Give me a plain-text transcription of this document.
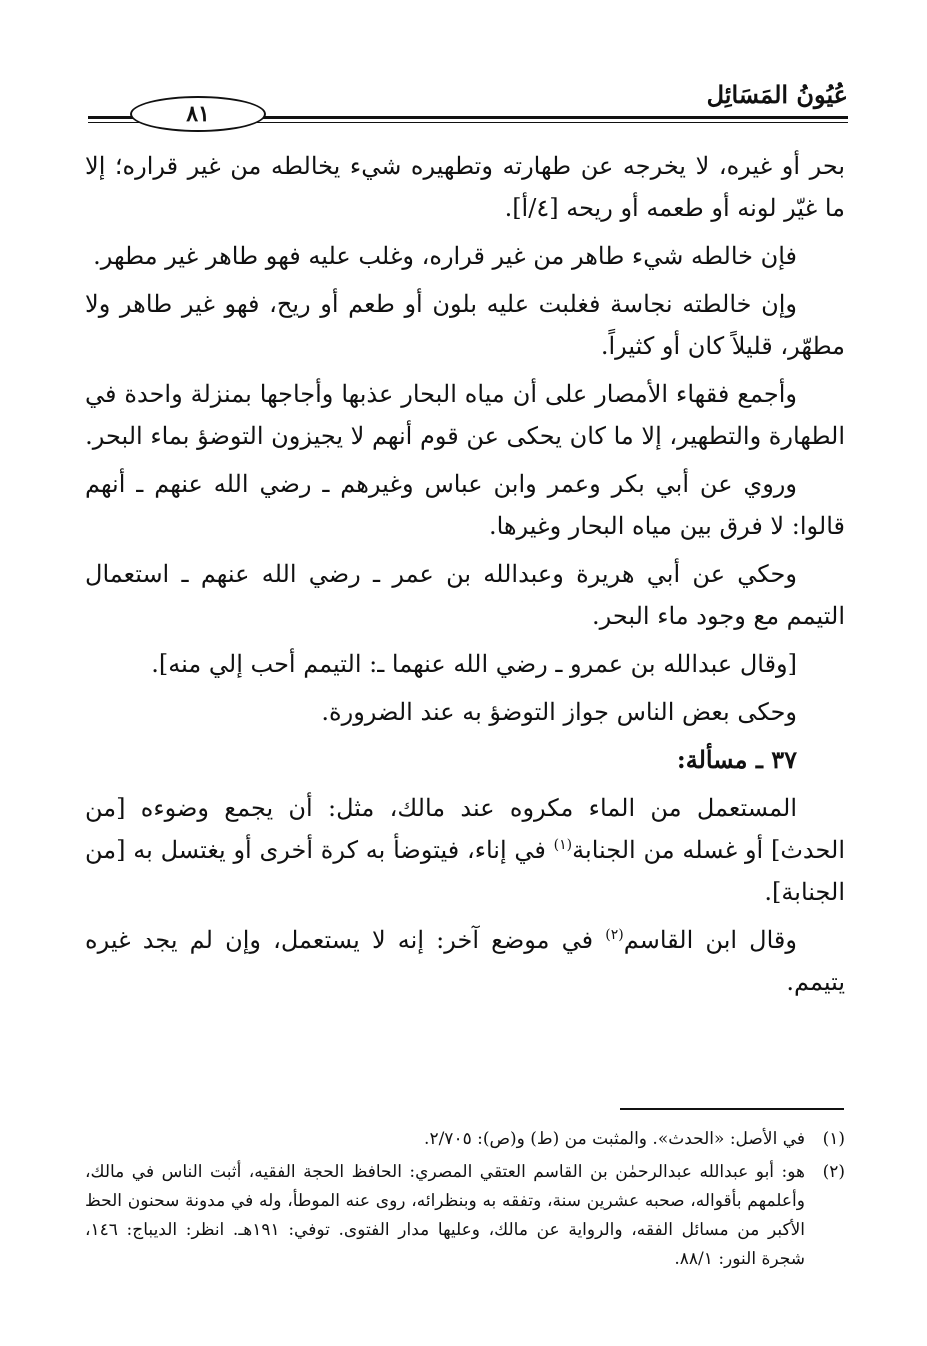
عُيُونُ المَسَائِل
٨١

بحر أو غيره، لا يخرجه عن طهارته وتطهيره شيء يخالطه من غير قراره؛ إلا ما غيّر لونه أو طعمه أو ريحه [٤/أ].

فإن خالطه شيء طاهر من غير قراره، وغلب عليه فهو طاهر غير مطهر.

وإن خالطته نجاسة فغلبت عليه بلون أو طعم أو ريح، فهو غير طاهر ولا مطهّر، قليلاً كان أو كثيراً.

وأجمع فقهاء الأمصار على أن مياه البحار عذبها وأجاجها بمنزلة واحدة في الطهارة والتطهير، إلا ما كان يحكى عن قوم أنهم لا يجيزون التوضؤ بماء البحر.

وروي عن أبي بكر وعمر وابن عباس وغيرهم ـ رضي الله عنهم ـ أنهم قالوا: لا فرق بين مياه البحار وغيرها.

وحكي عن أبي هريرة وعبدالله بن عمر ـ رضي الله عنهم ـ استعمال التيمم مع وجود ماء البحر.

[وقال عبدالله بن عمرو ـ رضي الله عنهما ـ: التيمم أحب إلي منه].

وحكى بعض الناس جواز التوضؤ به عند الضرورة.

٣٧ ـ مسألة:

المستعمل من الماء مكروه عند مالك، مثل: أن يجمع وضوءه [من الحدث] أو غسله من الجنابة$^{(١)}$ في إناء، فيتوضأ به كرة أخرى أو يغتسل به [من الجنابة].

وقال ابن القاسم$^{(٢)}$ في موضع آخر: إنه لا يستعمل، وإن لم يجد غيره يتيمم.

(١)
في الأصل: «الحدث». والمثبت من (ط) و(ص): ٢/٧٠٥.

(٢)
هو: أبو عبدالله عبدالرحمٰن بن القاسم العتقي المصري: الحافظ الحجة الفقيه، أثبت الناس في مالك، وأعلمهم بأقواله، صحبه عشرين سنة، وتفقه به وبنظرائه، روى عنه الموطأ، وله في مدونة سحنون الحظ الأكبر من مسائل الفقه، والرواية عن مالك، وعليها مدار الفتوى. توفي: ١٩١هـ. انظر: الديباج: ١٤٦، شجرة النور: ٨٨/١.
